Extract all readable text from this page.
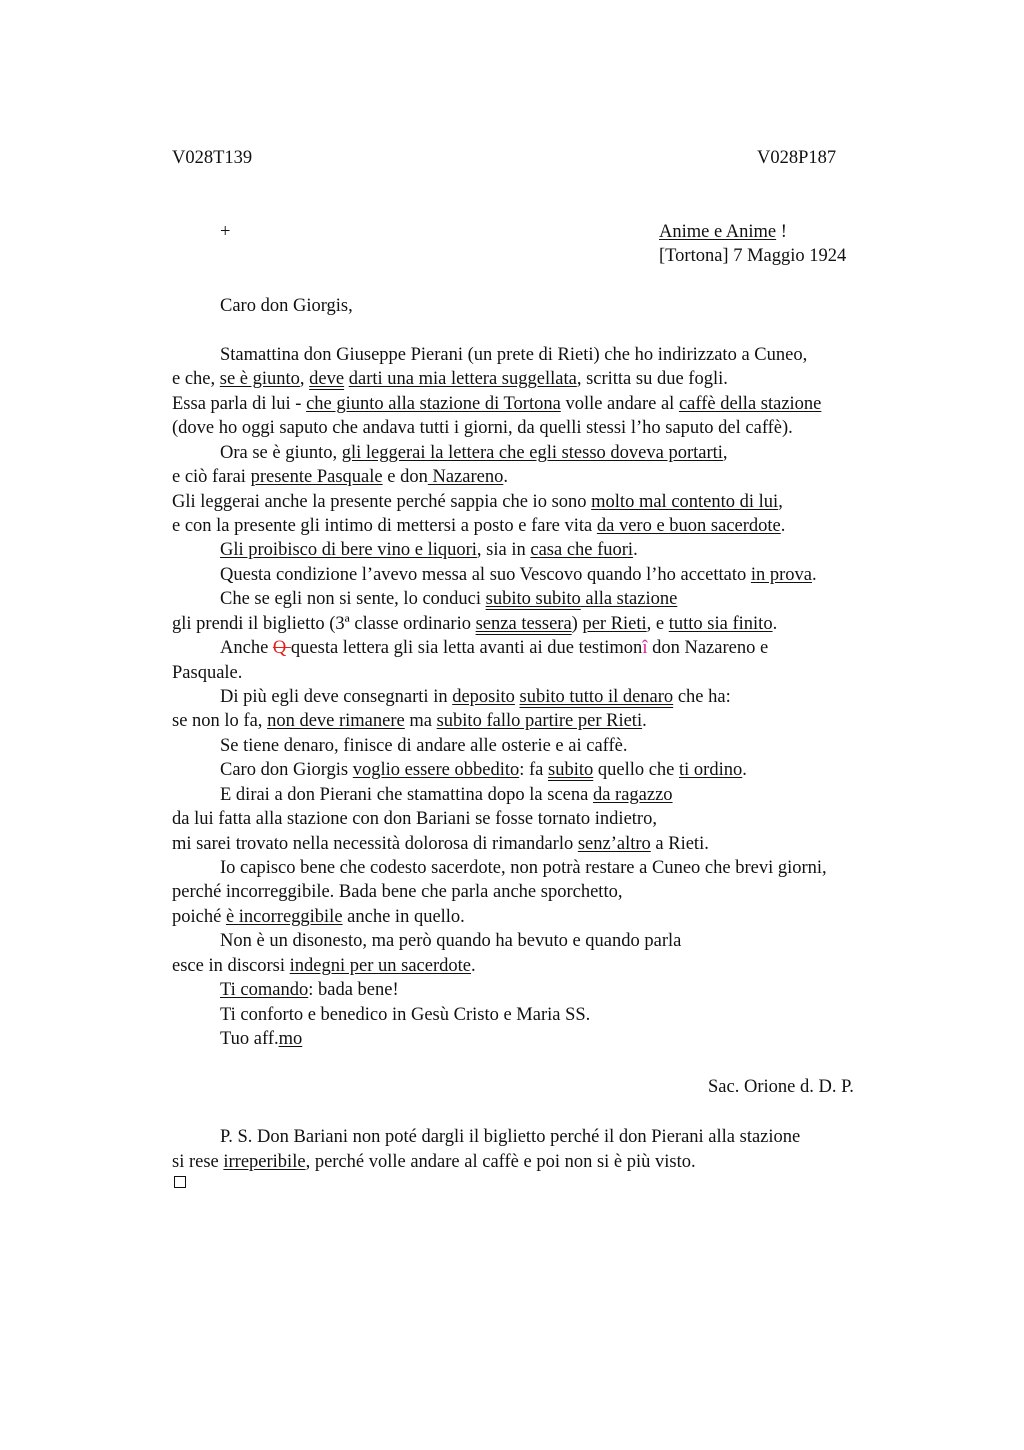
V028T139	V028P187
+	Anime e Anime !
[Tortona] 7 Maggio 1924
Caro don Giorgis,
Stamattina don Giuseppe Pierani (un prete di Rieti) che ho indirizzato a Cuneo,
e che, se è giunto, deve darti una mia lettera suggellata, scritta su due fogli.
Essa parla di lui - che giunto alla stazione di Tortona volle andare al caffè della stazione
(dove ho oggi saputo che andava tutti i giorni, da quelli stessi l’ho saputo del caffè).
Ora se è giunto, gli leggerai la lettera che egli stesso doveva portarti,
e ciò farai presente Pasquale e don Nazareno.
Gli leggerai anche la presente perché sappia che io sono molto mal contento di lui,
e con la presente gli intimo di mettersi a posto e fare vita da vero e buon sacerdote.
Gli proibisco di bere vino e liquori, sia in casa che fuori.
Questa condizione l’avevo messa al suo Vescovo quando l’ho accettato in prova.
Che se egli non si sente, lo conduci subito subito alla stazione
gli prendi il biglietto (3ª classe ordinario senza tessera) per Rieti, e tutto sia finito.
Anche Q questa lettera gli sia letta avanti ai due testimonî don Nazareno e
Pasquale.
Di più egli deve consegnarti in deposito subito tutto il denaro che ha:
se non lo fa, non deve rimanere ma subito fallo partire per Rieti.
Se tiene denaro, finisce di andare alle osterie e ai caffè.
Caro don Giorgis voglio essere obbedito: fa subito quello che ti ordino.
E dirai a don Pierani che stamattina dopo la scena da ragazzo
da lui fatta alla stazione con don Bariani se fosse tornato indietro,
mi sarei trovato nella necessità dolorosa di rimandarlo senz’altro a Rieti.
Io capisco bene che codesto sacerdote, non potrà restare a Cuneo che brevi giorni,
perché incorreggibile. Bada bene che parla anche sporchetto,
poiché è incorreggibile anche in quello.
Non è un disonesto, ma però quando ha bevuto e quando parla
esce in discorsi indegni per un sacerdote.
Ti comando: bada bene!
Ti conforto e benedico in Gesù Cristo e Maria SS.
Tuo aff.mo
Sac. Orione d. D. P.
P. S. Don Bariani non poté dargli il biglietto perché il don Pierani alla stazione
si rese irreperibile, perché volle andare al caffè e poi non si è più visto.
